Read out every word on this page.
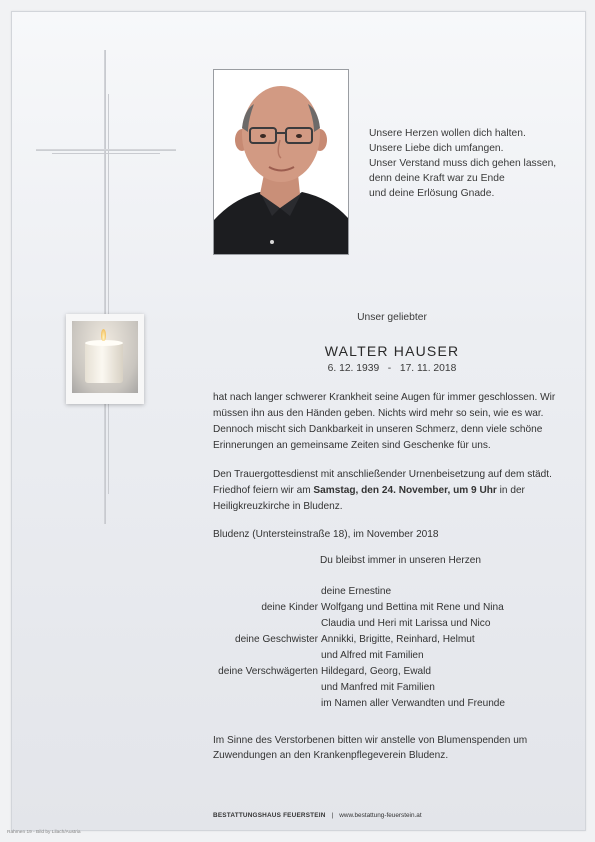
Unsere Herzen wollen dich halten.
Unsere Liebe dich umfangen.
Unser Verstand muss dich gehen lassen,
denn deine Kraft war zu Ende
und deine Erlösung Gnade.
Unser geliebter
WALTER HAUSER
6. 12. 1939 - 17. 11. 2018
hat nach langer schwerer Krankheit seine Augen für immer geschlossen. Wir müssen ihn aus den Händen geben. Nichts wird mehr so sein, wie es war. Dennoch mischt sich Dankbarkeit in unseren Schmerz, denn viele schöne Erinnerungen an gemeinsame Zeiten sind Geschenke für uns.
Den Trauergottesdienst mit anschließender Urnenbeisetzung auf dem städt. Friedhof feiern wir am Samstag, den 24. November, um 9 Uhr in der Heiligkreuzkirche in Bludenz.
Bludenz (Untersteinstraße 18), im November 2018
Du bleibst immer in unseren Herzen
deine Ernestine
deine Kinder Wolfgang und Bettina mit Rene und Nina
Claudia und Heri mit Larissa und Nico
deine Geschwister Annikki, Brigitte, Reinhard, Helmut
und Alfred mit Familien
deine Verschwägerten Hildegard, Georg, Ewald
und Manfred mit Familien
im Namen aller Verwandten und Freunde
Im Sinne des Verstorbenen bitten wir anstelle von Blumenspenden um Zuwendungen an den Krankenpflegeverein Bludenz.
BESTATTUNGSHAUS FEUERSTEIN | www.bestattung-feuerstein.at
Rahmen 19 - Bild by Lilach/Austria
